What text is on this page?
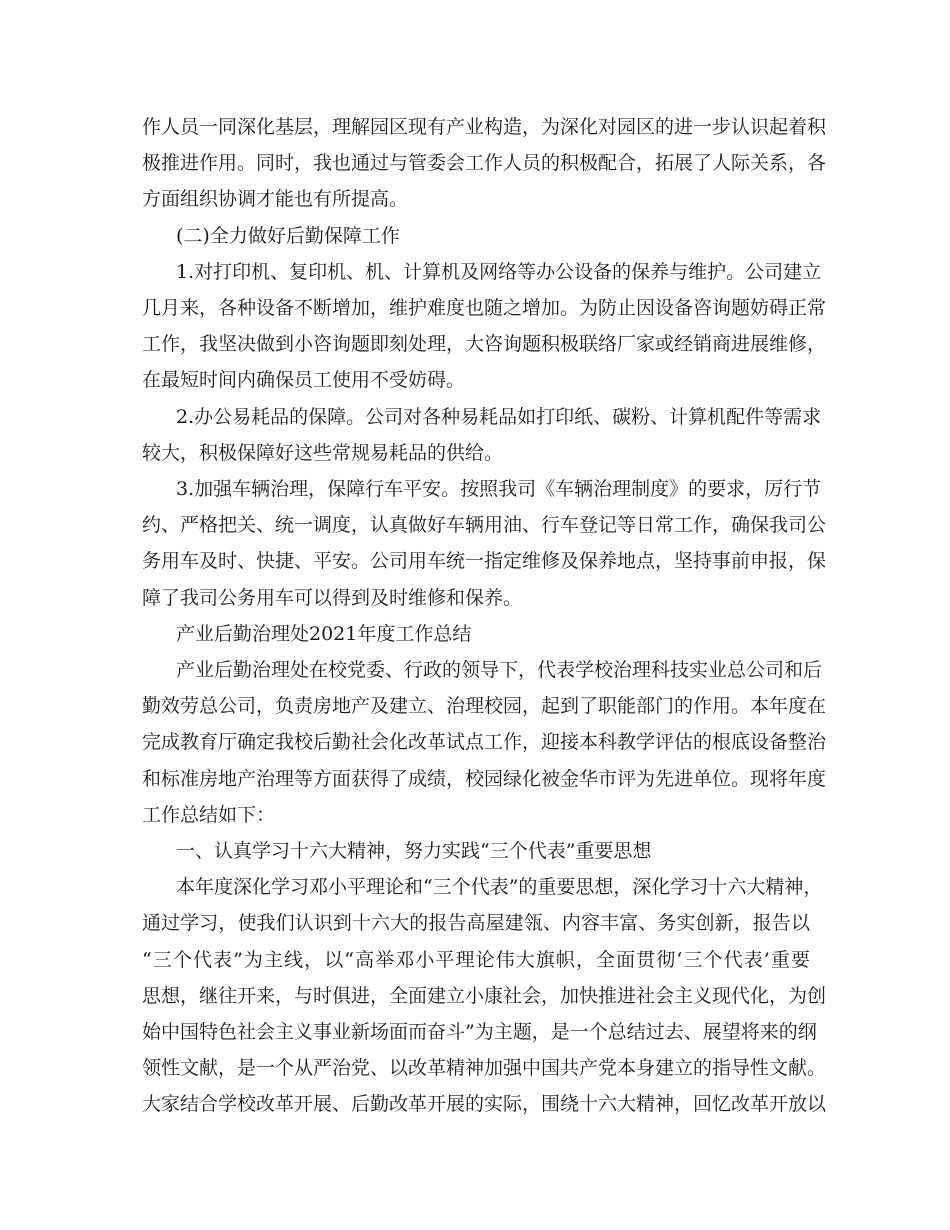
作人员一同深化基层，理解园区现有产业构造，为深化对园区的进一步认识起着积
极推进作用。同时，我也通过与管委会工作人员的积极配合，拓展了人际关系，各
方面组织协调才能也有所提高。
(二)全力做好后勤保障工作
1.对打印机、复印机、机、计算机及网络等办公设备的保养与维护。公司建立
几月来，各种设备不断增加，维护难度也随之增加。为防止因设备咨询题妨碍正常
工作，我坚决做到小咨询题即刻处理，大咨询题积极联络厂家或经销商进展维修，
在最短时间内确保员工使用不受妨碍。
2.办公易耗品的保障。公司对各种易耗品如打印纸、碳粉、计算机配件等需求
较大，积极保障好这些常规易耗品的供给。
3.加强车辆治理，保障行车平安。按照我司《车辆治理制度》的要求，厉行节
约、严格把关、统一调度，认真做好车辆用油、行车登记等日常工作，确保我司公
务用车及时、快捷、平安。公司用车统一指定维修及保养地点，坚持事前申报，保
障了我司公务用车可以得到及时维修和保养。
产业后勤治理处2021年度工作总结
产业后勤治理处在校党委、行政的领导下，代表学校治理科技实业总公司和后
勤效劳总公司，负责房地产及建立、治理校园，起到了职能部门的作用。本年度在
完成教育厅确定我校后勤社会化改革试点工作，迎接本科教学评估的根底设备整治
和标准房地产治理等方面获得了成绩，校园绿化被金华市评为先进单位。现将年度
工作总结如下：
一、认真学习十六大精神，努力实践“三个代表”重要思想
本年度深化学习邓小平理论和“三个代表”的重要思想，深化学习十六大精神，
通过学习，使我们认识到十六大的报告高屋建瓴、内容丰富、务实创新，报告以
“三个代表”为主线，以“高举邓小平理论伟大旗帜，全面贯彻‘三个代表’重要
思想，继往开来，与时俱进，全面建立小康社会，加快推进社会主义现代化，为创
始中国特色社会主义事业新场面而奋斗”为主题，是一个总结过去、展望将来的纲
领性文献，是一个从严治党、以改革精神加强中国共产党本身建立的指导性文献。
大家结合学校改革开展、后勤改革开展的实际，围绕十六大精神，回忆改革开放以
